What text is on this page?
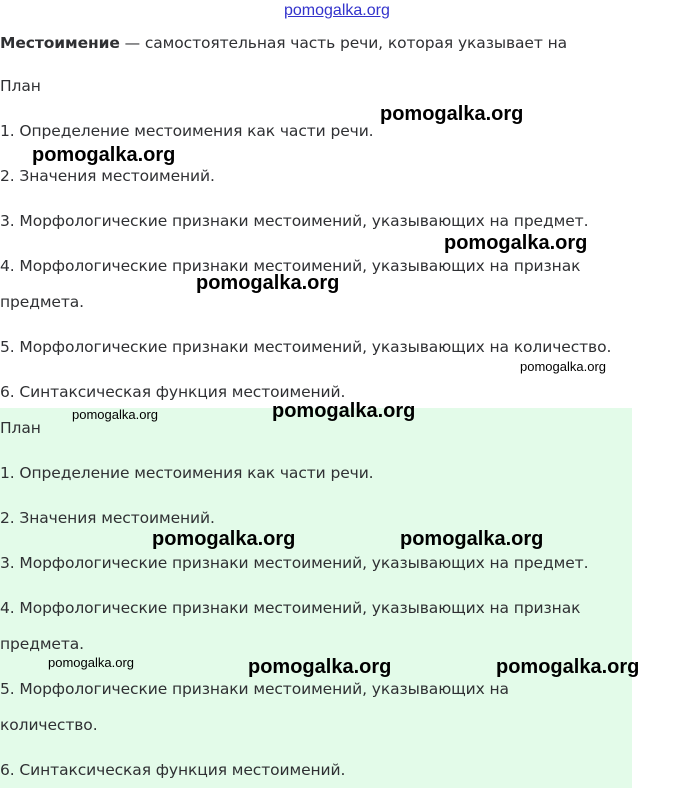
pomogalka.org
Местоимение — самостоятельная часть речи, которая указывает на
План
1. Определение местоимения как части речи.
2. Значения местоимений.
3. Морфологические признаки местоимений, указывающих на предмет.
4. Морфологические признаки местоимений, указывающих на признак
предмета.
5. Морфологические признаки местоимений, указывающих на количество.
6. Синтаксическая функция местоимений.
План
1. Определение местоимения как части речи.
2. Значения местоимений.
3. Морфологические признаки местоимений, указывающих на предмет.
4. Морфологические признаки местоимений, указывающих на признак
предмета.
5. Морфологические признаки местоимений, указывающих на
количество.
6. Синтаксическая функция местоимений.
pomogalka.org
pomogalka.org
pomogalka.org
pomogalka.org
pomogalka.org
pomogalka.org	pomogalka.org
pomogalka.org	pomogalka.org
pomogalka.org	pomogalka.org	pomogalka.org
